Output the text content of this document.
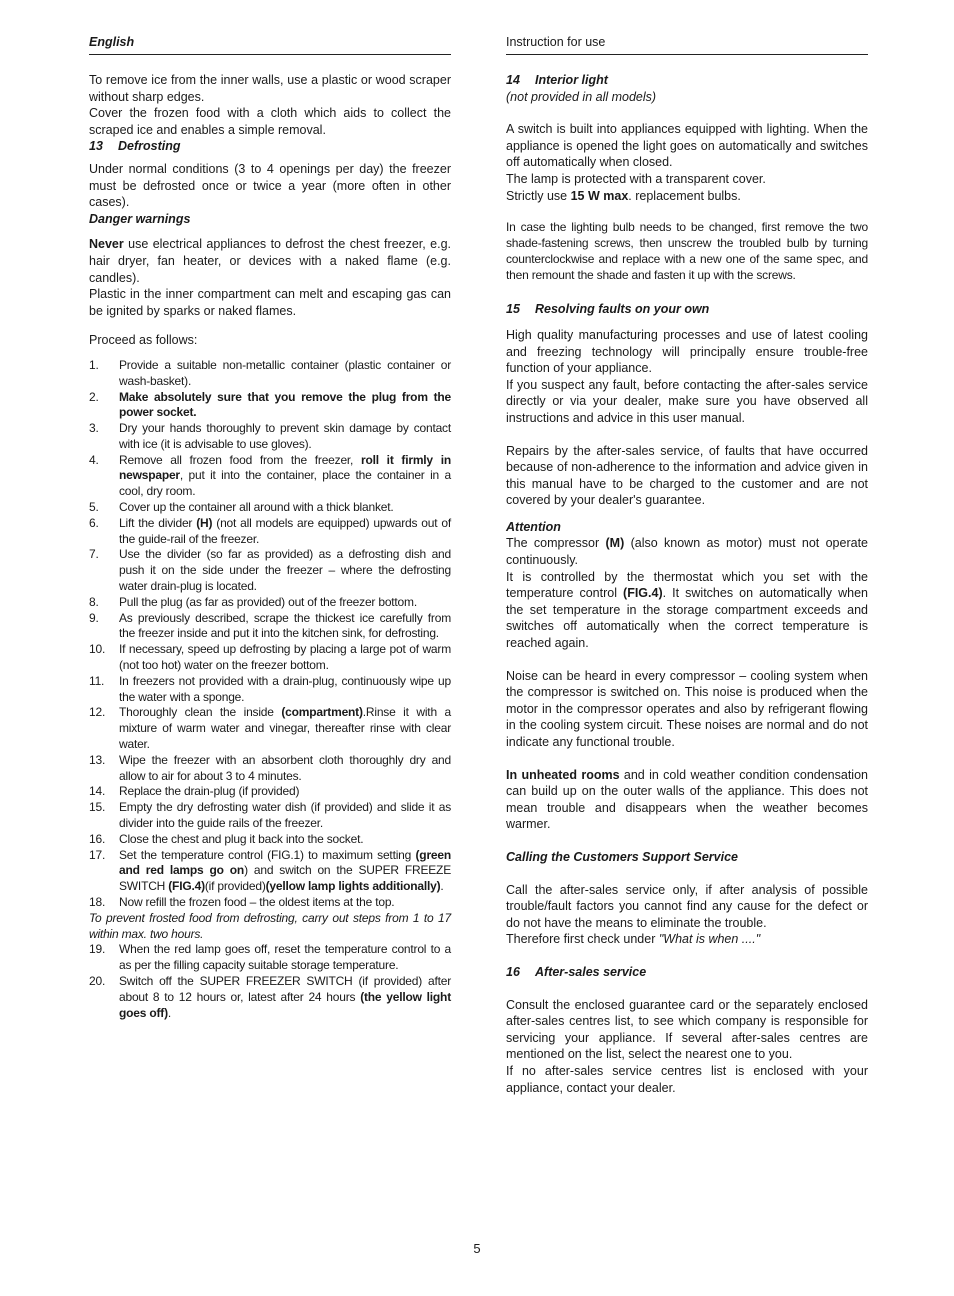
English

To remove ice from the inner walls, use a plastic or wood scraper without sharp edges.

Cover the frozen food with a cloth which aids to collect the scraped ice and enables a simple removal.

13 Defrosting

Under normal conditions (3 to 4 openings per day) the freezer must be defrosted once or twice a year (more often in other cases).

Danger warnings

Never use electrical appliances to defrost the chest freezer, e.g. hair dryer, fan heater, or devices with a naked flame (e.g. candles).

Plastic in the inner compartment can melt and escaping gas can be ignited by sparks or naked flames.

Proceed as follows:

1. Provide a suitable non-metallic container (plastic container or wash-basket).
2. Make absolutely sure that you remove the plug from the power socket.
3. Dry your hands thoroughly to prevent skin damage by contact with ice (it is advisable to use gloves).
4. Remove all frozen food from the freezer, roll it firmly in newspaper, put it into the container, place the container in a cool, dry room.
5. Cover up the container all around with a thick blanket.
6. Lift the divider (H) (not all models are equipped) upwards out of the guide-rail of the freezer.
7. Use the divider (so far as provided) as a defrosting dish and push it on the side under the freezer – where the defrosting water drain-plug is located.
8. Pull the plug (as far as provided) out of the freezer bottom.
9. As previously described, scrape the thickest ice carefully from the freezer inside and put it into the kitchen sink, for defrosting.
10. If necessary, speed up defrosting by placing a large pot of warm (not too hot) water on the freezer bottom.
11. In freezers not provided with a drain-plug, continuously wipe up the water with a sponge.
12. Thoroughly clean the inside (compartment).Rinse it with a mixture of warm water and vinegar, thereafter rinse with clear water.
13. Wipe the freezer with an absorbent cloth thoroughly dry and allow to air for about 3 to 4 minutes.
14. Replace the drain-plug (if provided)
15. Empty the dry defrosting water dish (if provided) and slide it as divider into the guide rails of the freezer.
16. Close the chest and plug it back into the socket.
17. Set the temperature control (FIG.1) to maximum setting (green and red lamps go on) and switch on the SUPER FREEZE SWITCH (FIG.4)(if provided)(yellow lamp lights additionally).
18. Now refill the frozen food – the oldest items at the top.

To prevent frosted food from defrosting, carry out steps from 1 to 17 within max. two hours.

19. When the red lamp goes off, reset the temperature control to a as per the filling capacity suitable storage temperature.
20. Switch off the SUPER FREEZER SWITCH (if provided) after about 8 to 12 hours or, latest after 24 hours (the yellow light goes off).
Instruction for use

14 Interior light

(not provided in all models)

A switch is built into appliances equipped with lighting. When the appliance is opened the light goes on automatically and switches off automatically when closed.

The lamp is protected with a transparent cover.

Strictly use 15 W max. replacement bulbs.

In case the lighting bulb needs to be changed, first remove the two shade-fastening screws, then unscrew the troubled bulb by turning counterclockwise and replace with a new one of the same spec, and then remount the shade and fasten it up with the screws.

15 Resolving faults on your own

High quality manufacturing processes and use of latest cooling and freezing technology will principally ensure trouble-free function of your appliance.

If you suspect any fault, before contacting the after-sales service directly or via your dealer, make sure you have observed all instructions and advice in this user manual.

Repairs by the after-sales service, of faults that have occurred because of non-adherence to the information and advice given in this manual have to be charged to the customer and are not covered by your dealer's guarantee.

Attention

The compressor (M) (also known as motor) must not operate continuously.

It is controlled by the thermostat which you set with the temperature control (FIG.4). It switches on automatically when the set temperature in the storage compartment exceeds and switches off automatically when the correct temperature is reached again.

Noise can be heard in every compressor – cooling system when the compressor is switched on. This noise is produced when the motor in the compressor operates and also by refrigerant flowing in the cooling system circuit. These noises are normal and do not indicate any functional trouble.

In unheated rooms and in cold weather condition condensation can build up on the outer walls of the appliance. This does not mean trouble and disappears when the weather becomes warmer.

Calling the Customers Support Service

Call the after-sales service only, if after analysis of possible trouble/fault factors you cannot find any cause for the defect or do not have the means to eliminate the trouble.

Therefore first check under "What is when ...."

16 After-sales service

Consult the enclosed guarantee card or the separately enclosed after-sales centres list, to see which company is responsible for servicing your appliance. If several after-sales centres are mentioned on the list, select the nearest one to you.

If no after-sales service centres list is enclosed with your appliance, contact your dealer.

5
